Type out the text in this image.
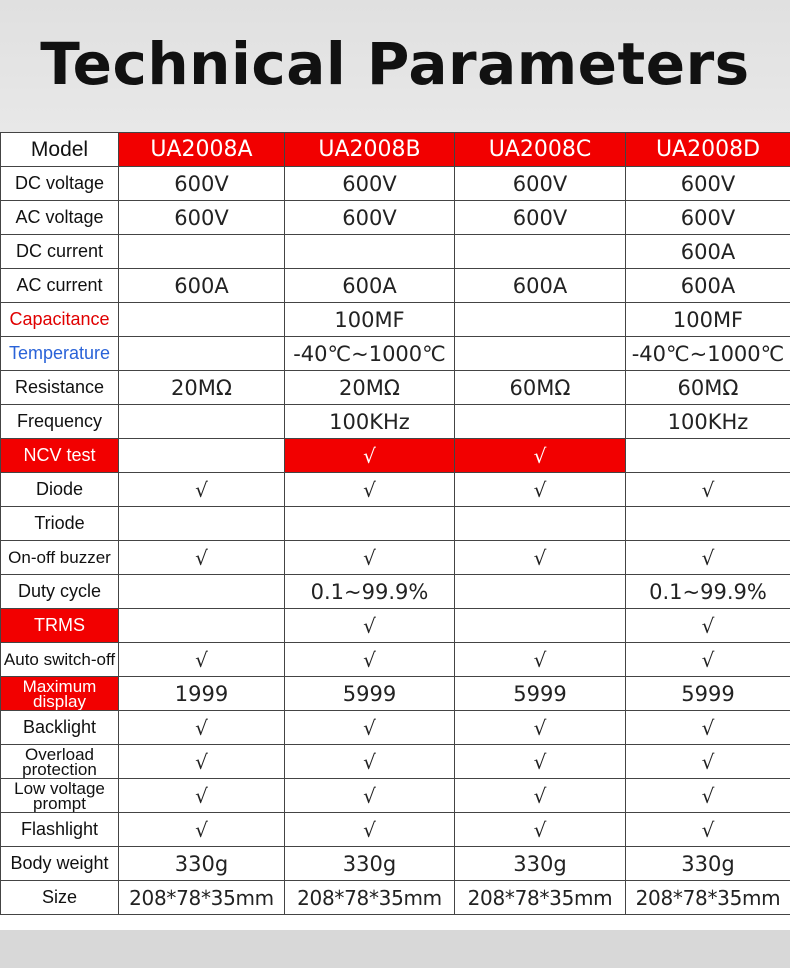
Technical Parameters
Model	UA2008A	UA2008B	UA2008C	UA2008D
DC voltage	600V	600V	600V	600V
AC voltage	600V	600V	600V	600V
DC current				600A
AC current	600A	600A	600A	600A
Capacitance		100MF		100MF
Temperature		-40℃~1000℃		-40℃~1000℃
Resistance	20MΩ	20MΩ	60MΩ	60MΩ
Frequency		100KHz		100KHz
NCV test		√	√	
Diode	√	√	√	√
Triode				
On-off buzzer	√	√	√	√
Duty cycle		0.1~99.9%		0.1~99.9%
TRMS		√		√
Auto switch-off	√	√	√	√
Maximum display	1999	5999	5999	5999
Backlight	√	√	√	√
Overload protection	√	√	√	√
Low voltage prompt	√	√	√	√
Flashlight	√	√	√	√
Body weight	330g	330g	330g	330g
Size	208*78*35mm	208*78*35mm	208*78*35mm	208*78*35mm
